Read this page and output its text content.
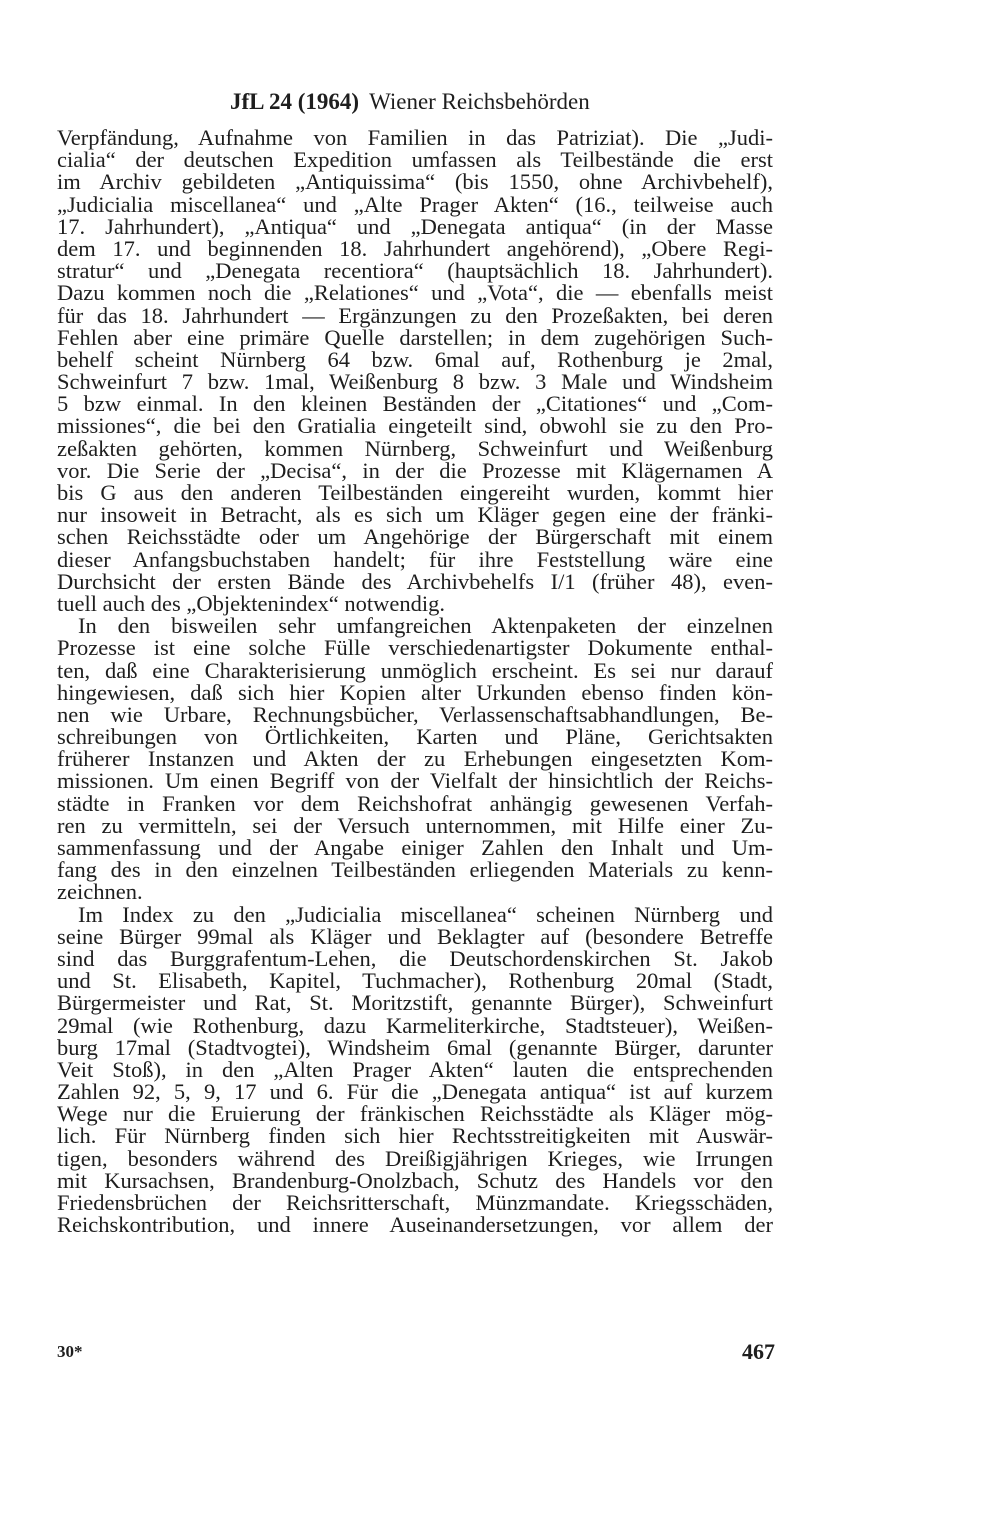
JfL 24 (1964) Wiener Reichsbehörden
Verpfändung, Aufnahme von Familien in das Patriziat). Die „Judi-
cialia“ der deutschen Expedition umfassen als Teilbestände die erst
im Archiv gebildeten „Antiquissima“ (bis 1550, ohne Archivbehelf),
„Judicialia miscellanea“ und „Alte Prager Akten“ (16., teilweise auch
17. Jahrhundert), „Antiqua“ und „Denegata antiqua“ (in der Masse
dem 17. und beginnenden 18. Jahrhundert angehörend), „Obere Regi-
stratur“ und „Denegata recentiora“ (hauptsächlich 18. Jahrhundert).
Dazu kommen noch die „Relationes“ und „Vota“, die — ebenfalls meist
für das 18. Jahrhundert — Ergänzungen zu den Prozeßakten, bei deren
Fehlen aber eine primäre Quelle darstellen; in dem zugehörigen Such-
behelf scheint Nürnberg 64 bzw. 6mal auf, Rothenburg je 2mal,
Schweinfurt 7 bzw. 1mal, Weißenburg 8 bzw. 3 Male und Windsheim
5 bzw einmal. In den kleinen Beständen der „Citationes“ und „Com-
missiones“, die bei den Gratialia eingeteilt sind, obwohl sie zu den Pro-
zeßakten gehörten, kommen Nürnberg, Schweinfurt und Weißenburg
vor. Die Serie der „Decisa“, in der die Prozesse mit Klägernamen A
bis G aus den anderen Teilbeständen eingereiht wurden, kommt hier
nur insoweit in Betracht, als es sich um Kläger gegen eine der fränki-
schen Reichsstädte oder um Angehörige der Bürgerschaft mit einem
dieser Anfangsbuchstaben handelt; für ihre Feststellung wäre eine
Durchsicht der ersten Bände des Archivbehelfs I/1 (früher 48), even-
tuell auch des „Objektenindex“ notwendig.
In den bisweilen sehr umfangreichen Aktenpaketen der einzelnen
Prozesse ist eine solche Fülle verschiedenartigster Dokumente enthal-
ten, daß eine Charakterisierung unmöglich erscheint. Es sei nur darauf
hingewiesen, daß sich hier Kopien alter Urkunden ebenso finden kön-
nen wie Urbare, Rechnungsbücher, Verlassenschaftsabhandlungen, Be-
schreibungen von Örtlichkeiten, Karten und Pläne, Gerichtsakten
früherer Instanzen und Akten der zu Erhebungen eingesetzten Kom-
missionen. Um einen Begriff von der Vielfalt der hinsichtlich der Reichs-
städte in Franken vor dem Reichshofrat anhängig gewesenen Verfah-
ren zu vermitteln, sei der Versuch unternommen, mit Hilfe einer Zu-
sammenfassung und der Angabe einiger Zahlen den Inhalt und Um-
fang des in den einzelnen Teilbeständen erliegenden Materials zu kenn-
zeichnen.
Im Index zu den „Judicialia miscellanea“ scheinen Nürnberg und
seine Bürger 99mal als Kläger und Beklagter auf (besondere Betreffe
sind das Burggrafentum-Lehen, die Deutschordenskirchen St. Jakob
und St. Elisabeth, Kapitel, Tuchmacher), Rothenburg 20mal (Stadt,
Bürgermeister und Rat, St. Moritzstift, genannte Bürger), Schweinfurt
29mal (wie Rothenburg, dazu Karmeliterkirche, Stadtsteuer), Weißen-
burg 17mal (Stadtvogtei), Windsheim 6mal (genannte Bürger, darunter
Veit Stoß), in den „Alten Prager Akten“ lauten die entsprechenden
Zahlen 92, 5, 9, 17 und 6. Für die „Denegata antiqua“ ist auf kurzem
Wege nur die Eruierung der fränkischen Reichsstädte als Kläger mög-
lich. Für Nürnberg finden sich hier Rechtsstreitigkeiten mit Auswär-
tigen, besonders während des Dreißigjährigen Krieges, wie Irrungen
mit Kursachsen, Brandenburg-Onolzbach, Schutz des Handels vor den
Friedensbrüchen der Reichsritterschaft, Münzmandate. Kriegsschäden,
Reichskontribution, und innere Auseinandersetzungen, vor allem der
30*	467
